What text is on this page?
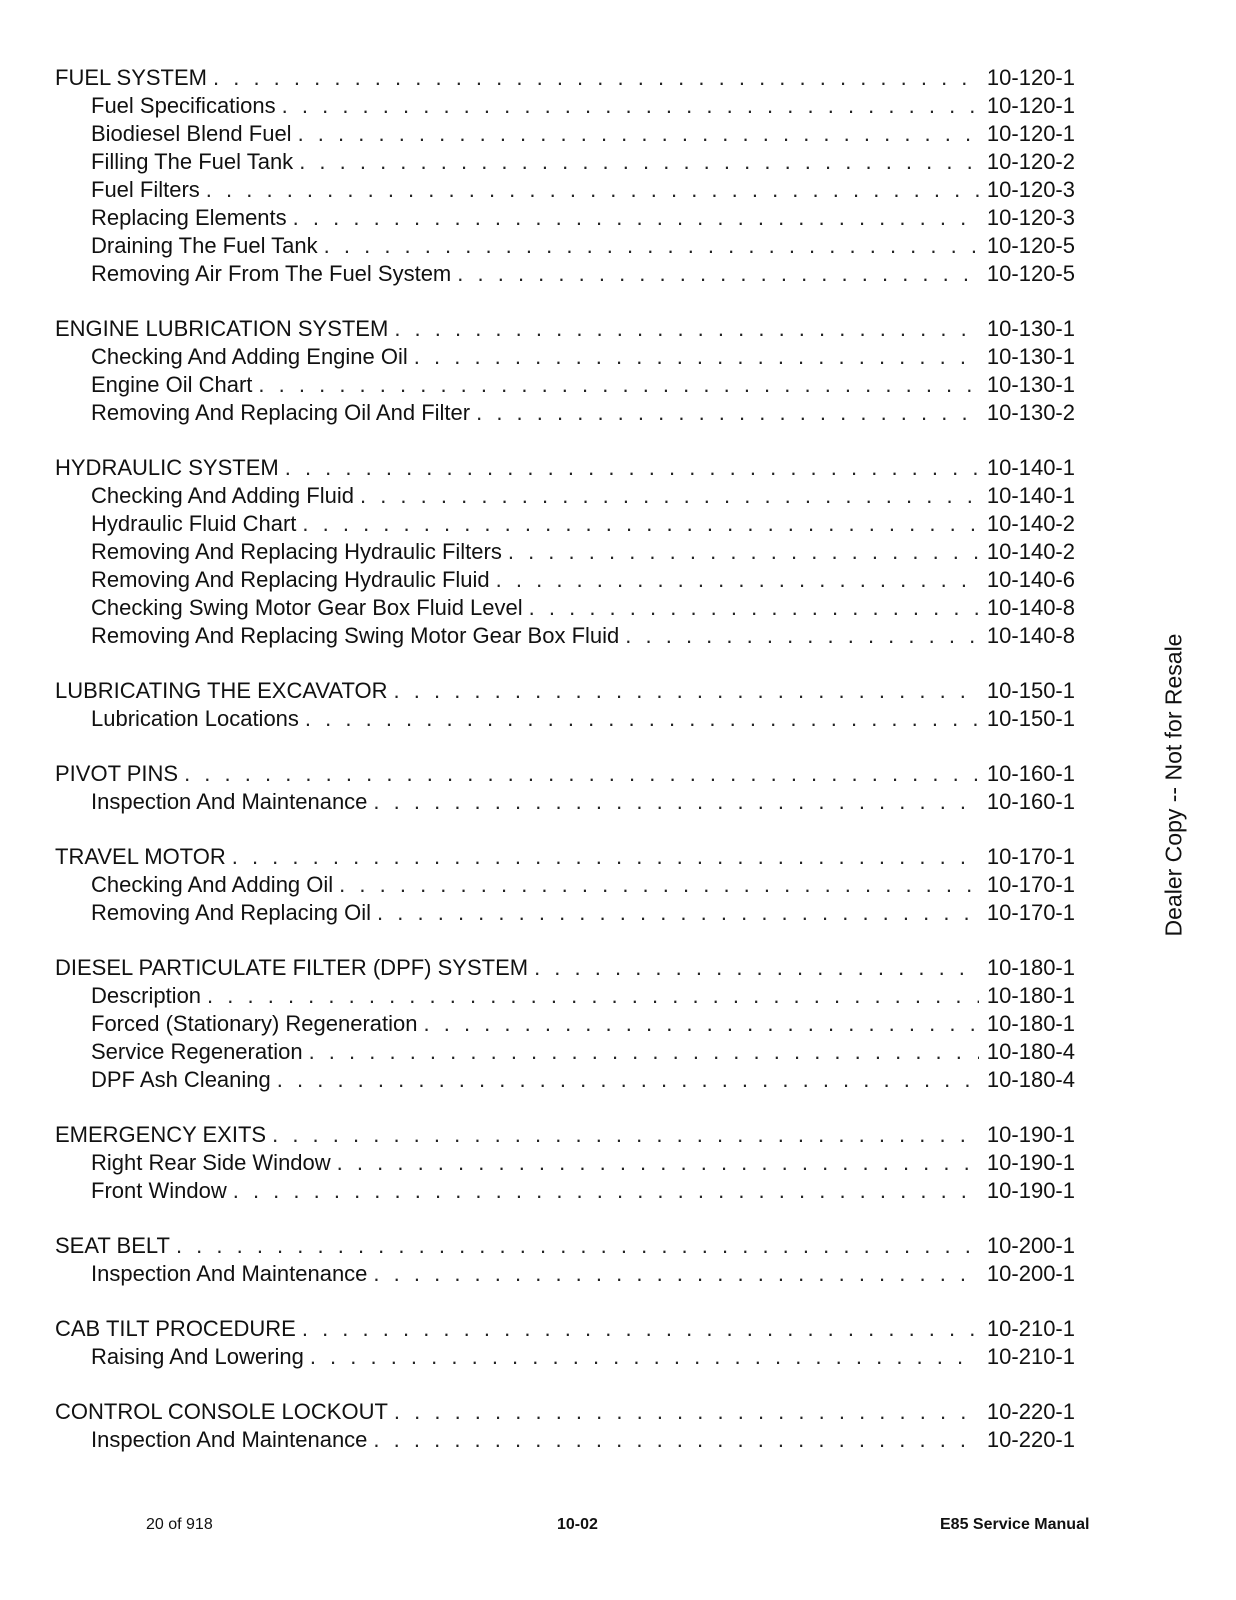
FUEL SYSTEM . . .	10-120-1
Fuel Specifications . . .	10-120-1
Biodiesel Blend Fuel . . .	10-120-1
Filling The Fuel Tank . . .	10-120-2
Fuel Filters . . .	10-120-3
Replacing Elements . . .	10-120-3
Draining The Fuel Tank . . .	10-120-5
Removing Air From The Fuel System . . .	10-120-5
ENGINE LUBRICATION SYSTEM . . .	10-130-1
Checking And Adding Engine Oil . . .	10-130-1
Engine Oil Chart . . .	10-130-1
Removing And Replacing Oil And Filter . . .	10-130-2
HYDRAULIC SYSTEM . . .	10-140-1
Checking And Adding Fluid . . .	10-140-1
Hydraulic Fluid Chart . . .	10-140-2
Removing And Replacing Hydraulic Filters . . .	10-140-2
Removing And Replacing Hydraulic Fluid . . .	10-140-6
Checking Swing Motor Gear Box Fluid Level . . .	10-140-8
Removing And Replacing Swing Motor Gear Box Fluid . . .	10-140-8
LUBRICATING THE EXCAVATOR . . .	10-150-1
Lubrication Locations . . .	10-150-1
PIVOT PINS . . .	10-160-1
Inspection And Maintenance . . .	10-160-1
TRAVEL MOTOR . . .	10-170-1
Checking And Adding Oil . . .	10-170-1
Removing And Replacing Oil . . .	10-170-1
DIESEL PARTICULATE FILTER (DPF) SYSTEM . . .	10-180-1
Description . . .	10-180-1
Forced (Stationary) Regeneration . . .	10-180-1
Service Regeneration . . .	10-180-4
DPF Ash Cleaning . . .	10-180-4
EMERGENCY EXITS . . .	10-190-1
Right Rear Side Window . . .	10-190-1
Front Window . . .	10-190-1
SEAT BELT . . .	10-200-1
Inspection And Maintenance . . .	10-200-1
CAB TILT PROCEDURE . . .	10-210-1
Raising And Lowering . . .	10-210-1
CONTROL CONSOLE LOCKOUT . . .	10-220-1
Inspection And Maintenance . . .	10-220-1
Dealer Copy -- Not for Resale
20 of 918	10-02	E85 Service Manual
